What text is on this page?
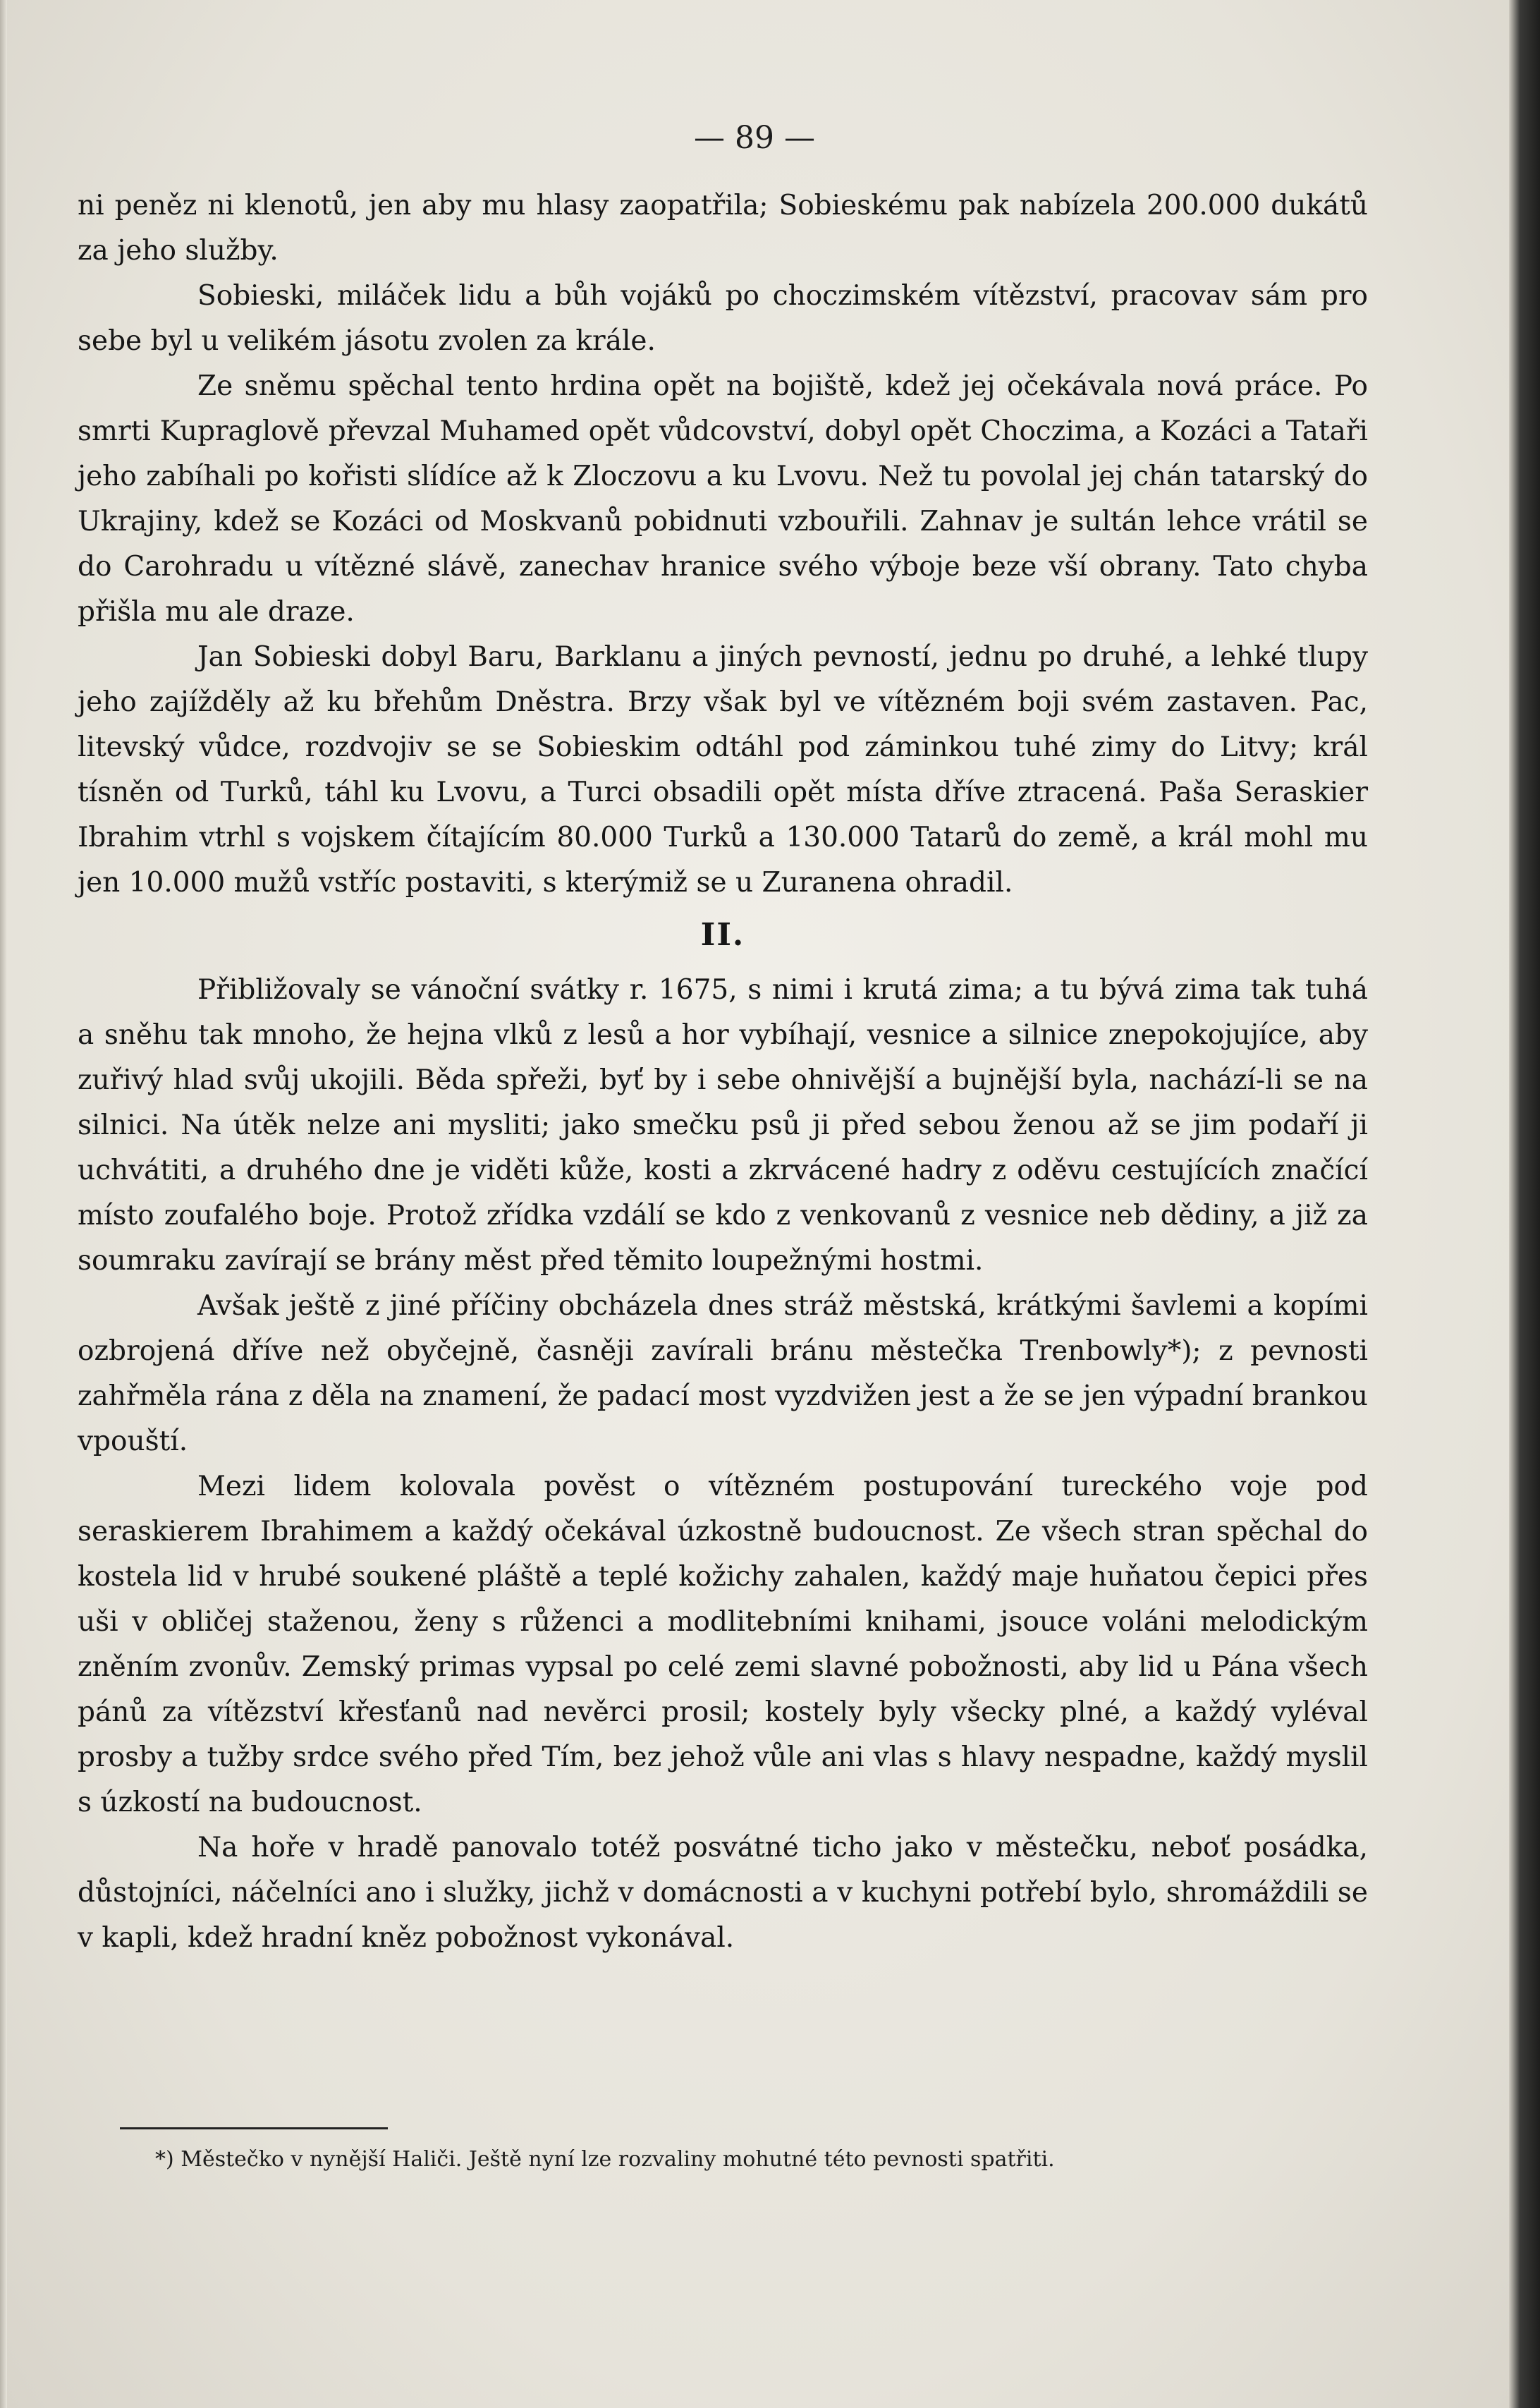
— 89 —

ni peněz ni klenotů, jen aby mu hlasy zaopatřila; Sobieskému pak nabízela 200.000 dukátů za jeho služby.

Sobieski, miláček lidu a bůh vojáků po choczimském vítězství, pracovav sám pro sebe byl u velikém jásotu zvolen za krále.

Ze sněmu spěchal tento hrdina opět na bojiště, kdež jej očekávala nová práce. Po smrti Kupraglově převzal Muhamed opět vůdcovství, dobyl opět Choczima, a Kozáci a Tataři jeho zabíhali po kořisti slídíce až k Zloczovu a ku Lvovu. Než tu povolal jej chán tatarský do Ukrajiny, kdež se Kozáci od Moskvanů pobidnuti vzbouřili. Zahnav je sultán lehce vrátil se do Carohradu u vítězné slávě, zanechav hranice svého výboje beze vší obrany. Tato chyba přišla mu ale draze.

Jan Sobieski dobyl Baru, Barklanu a jiných pevností, jednu po druhé, a lehké tlupy jeho zajížděly až ku břehům Dněstra. Brzy však byl ve vítězném boji svém zastaven. Pac, litevský vůdce, rozdvojiv se se Sobieskim odtáhl pod záminkou tuhé zimy do Litvy; král tísněn od Turků, táhl ku Lvovu, a Turci obsadili opět místa dříve ztracená. Paša Seraskier Ibrahim vtrhl s vojskem čítajícím 80.000 Turků a 130.000 Tatarů do země, a král mohl mu jen 10.000 mužů vstříc postaviti, s kterýmiž se u Zuranena ohradil.

II.

Přibližovaly se vánoční svátky r. 1675, s nimi i krutá zima; a tu bývá zima tak tuhá a sněhu tak mnoho, že hejna vlků z lesů a hor vybíhají, vesnice a silnice znepokojujíce, aby zuřivý hlad svůj ukojili. Běda spřeži, byť by i sebe ohnivější a bujnější byla, nachází-li se na silnici. Na útěk nelze ani mysliti; jako smečku psů ji před sebou ženou až se jim podaří ji uchvátiti, a druhého dne je viděti kůže, kosti a zkrvácené hadry z oděvu cestujících značící místo zoufalého boje. Protož zřídka vzdálí se kdo z venkovanů z vesnice neb dědiny, a již za soumraku zavírají se brány měst před těmito loupežnými hostmi.

Avšak ještě z jiné příčiny obcházela dnes stráž městská, krátkými šavlemi a kopími ozbrojená dříve než obyčejně, časněji zavírali bránu městečka Trenbowly*); z pevnosti zahřměla rána z děla na znamení, že padací most vyzdvižen jest a že se jen výpadní brankou vpouští.

Mezi lidem kolovala pověst o vítězném postupování tureckého voje pod seraskierem Ibrahimem a každý očekával úzkostně budoucnost. Ze všech stran spěchal do kostela lid v hrubé soukené pláště a teplé kožichy zahalen, každý maje huňatou čepici přes uši v obličej staženou, ženy s růženci a modlitebními knihami, jsouce voláni melodickým zněním zvonův. Zemský primas vypsal po celé zemi slavné pobožnosti, aby lid u Pána všech pánů za vítězství křesťanů nad nevěrci prosil; kostely byly všecky plné, a každý vyléval prosby a tužby srdce svého před Tím, bez jehož vůle ani vlas s hlavy nespadne, každý myslil s úzkostí na budoucnost.

Na hoře v hradě panovalo totéž posvátné ticho jako v městečku, neboť posádka, důstojníci, náčelníci ano i služky, jichž v domácnosti a v kuchyni potřebí bylo, shromáždili se v kapli, kdež hradní kněz pobožnost vykonával.

*) Městečko v nynější Haliči. Ještě nyní lze rozvaliny mohutné této pevnosti spatřiti.
